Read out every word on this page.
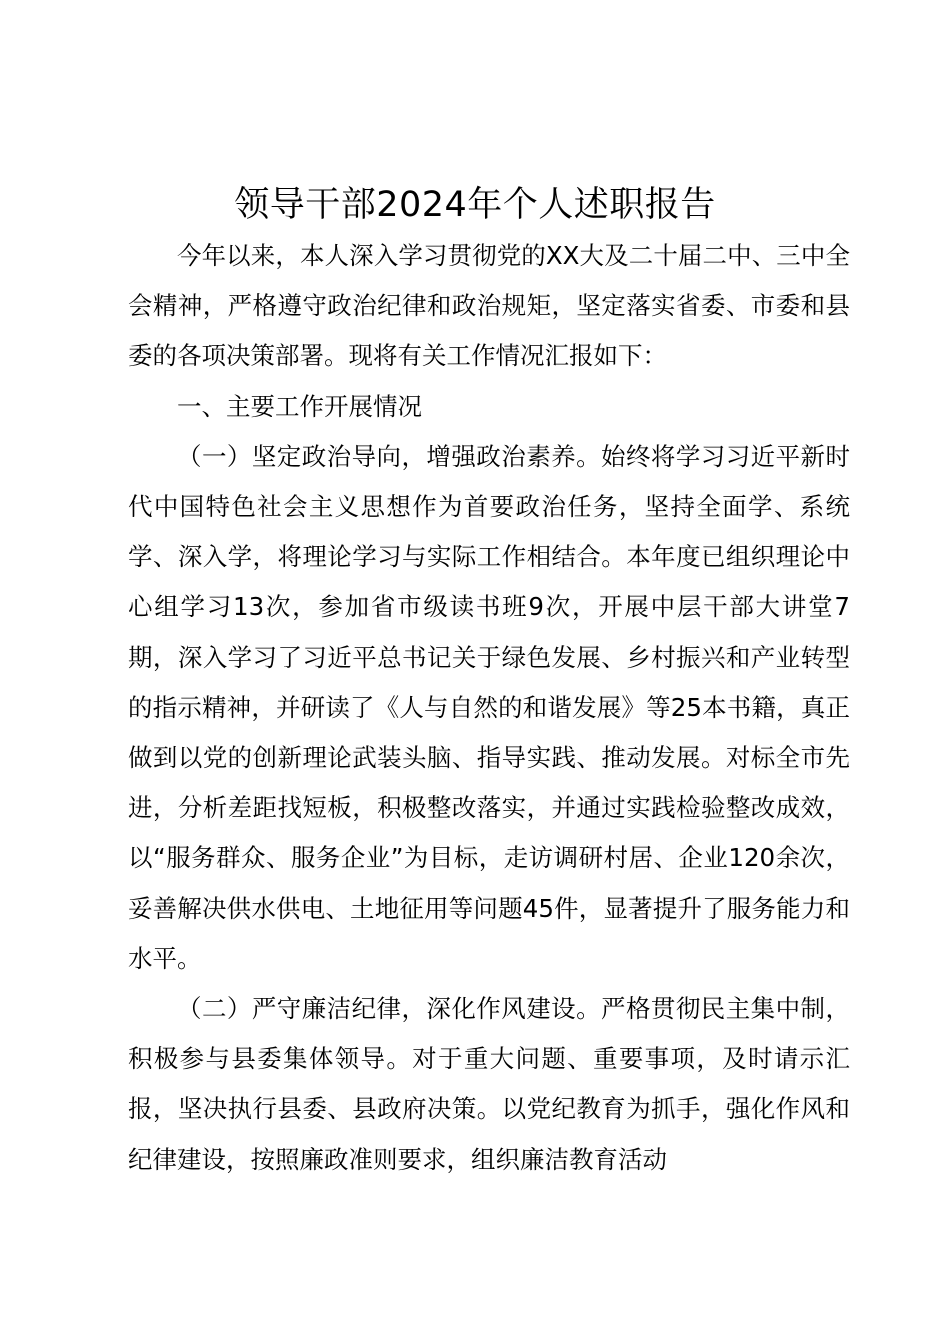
领导干部2024年个人述职报告

今年以来，本人深入学习贯彻党的XX大及二十届二中、三中全会精神，严格遵守政治纪律和政治规矩，坚定落实省委、市委和县委的各项决策部署。现将有关工作情况汇报如下：

一、主要工作开展情况

（一）坚定政治导向，增强政治素养。始终将学习习近平新时代中国特色社会主义思想作为首要政治任务，坚持全面学、系统学、深入学，将理论学习与实际工作相结合。本年度已组织理论中心组学习13次，参加省市级读书班9次，开展中层干部大讲堂7期，深入学习了习近平总书记关于绿色发展、乡村振兴和产业转型的指示精神，并研读了《人与自然的和谐发展》等25本书籍，真正做到以党的创新理论武装头脑、指导实践、推动发展。对标全市先进，分析差距找短板，积极整改落实，并通过实践检验整改成效，以“服务群众、服务企业”为目标，走访调研村居、企业120余次，妥善解决供水供电、土地征用等问题45件，显著提升了服务能力和水平。

（二）严守廉洁纪律，深化作风建设。严格贯彻民主集中制，积极参与县委集体领导。对于重大问题、重要事项，及时请示汇报，坚决执行县委、县政府决策。以党纪教育为抓手，强化作风和纪律建设，按照廉政准则要求，组织廉洁教育活动
